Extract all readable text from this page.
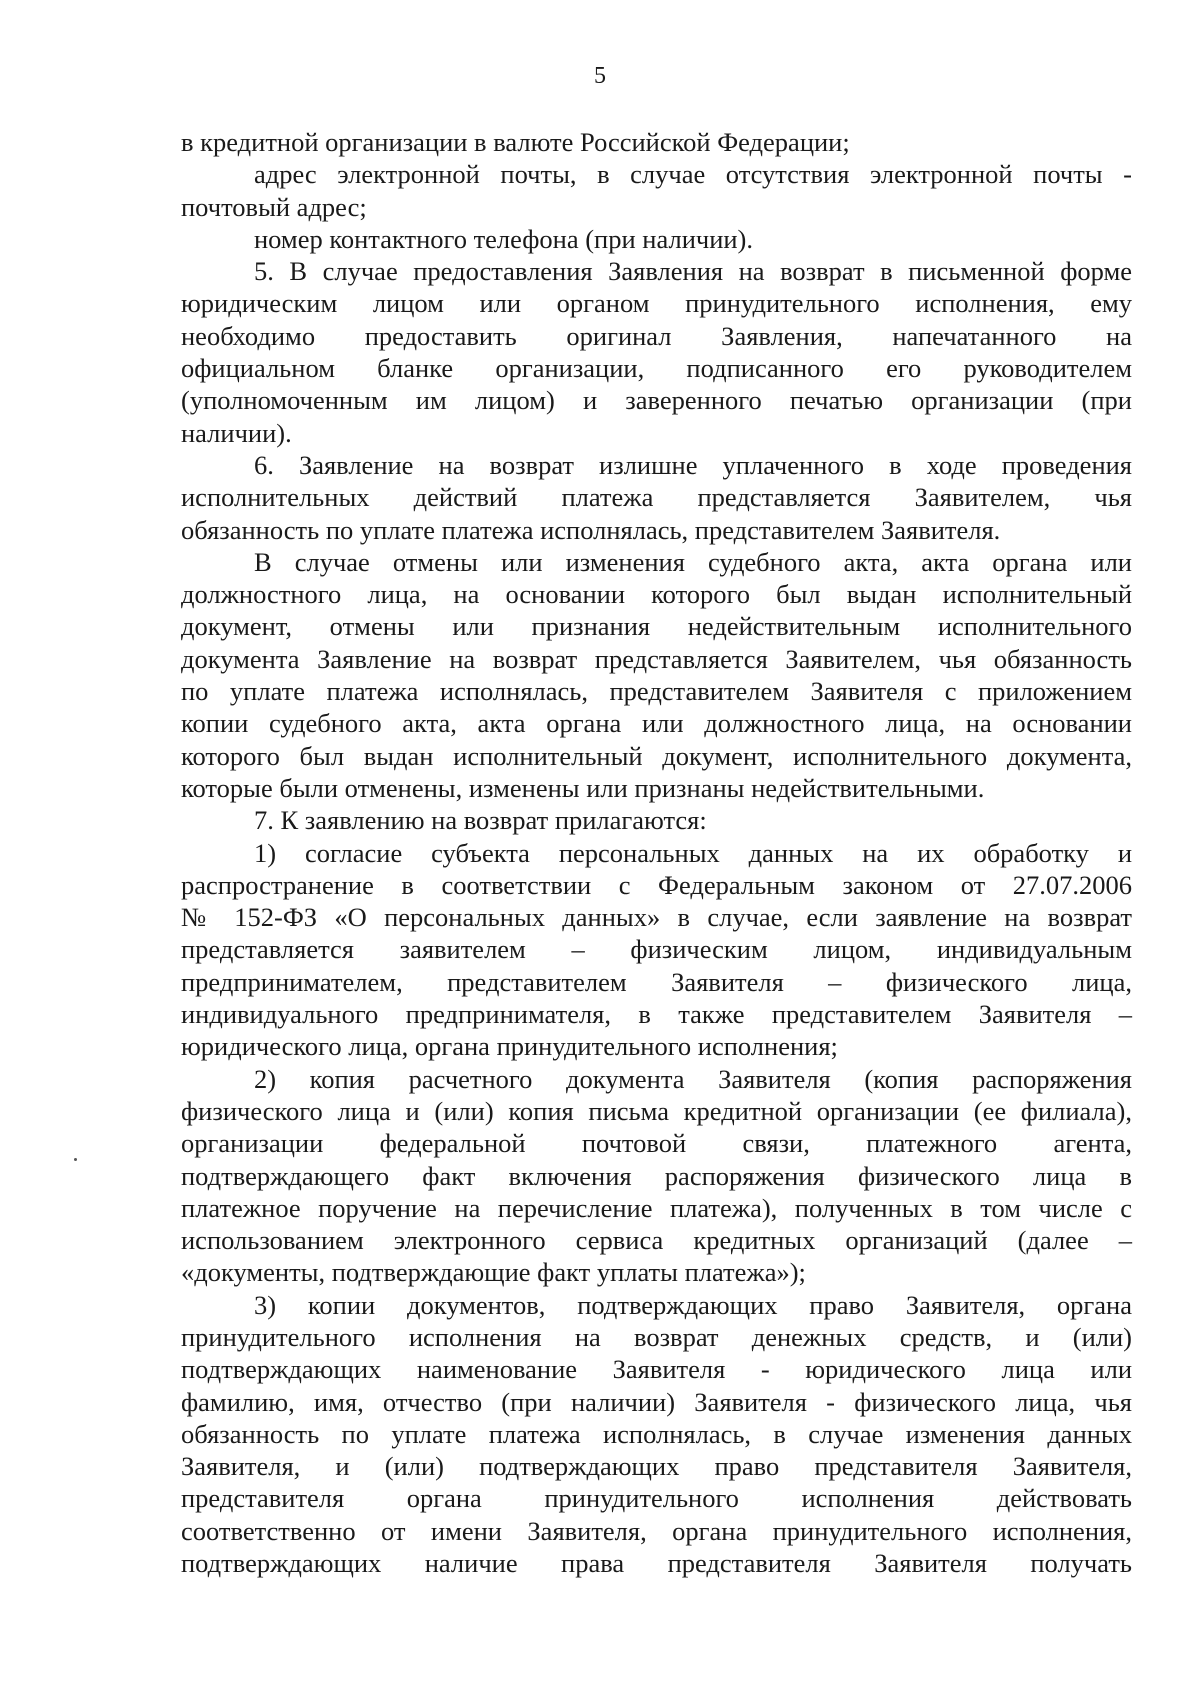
5
в кредитной организации в валюте Российской Федерации;
адрес электронной почты, в случае отсутствия электронной почты -
почтовый адрес;
номер контактного телефона (при наличии).
5. В случае предоставления Заявления на возврат в письменной форме
юридическим лицом или органом принудительного исполнения, ему
необходимо предоставить оригинал Заявления, напечатанного на
официальном бланке организации, подписанного его руководителем
(уполномоченным им лицом) и заверенного печатью организации (при
наличии).
6. Заявление на возврат излишне уплаченного в ходе проведения
исполнительных действий платежа представляется Заявителем, чья
обязанность по уплате платежа исполнялась, представителем Заявителя.
В случае отмены или изменения судебного акта, акта органа или
должностного лица, на основании которого был выдан исполнительный
документ, отмены или признания недействительным исполнительного
документа Заявление на возврат представляется Заявителем, чья обязанность
по уплате платежа исполнялась, представителем Заявителя с приложением
копии судебного акта, акта органа или должностного лица, на основании
которого был выдан исполнительный документ, исполнительного документа,
которые были отменены, изменены или признаны недействительными.
7. К заявлению на возврат прилагаются:
1) согласие субъекта персональных данных на их обработку и
распространение в соответствии с Федеральным законом от 27.07.2006
№ 152-ФЗ «О персональных данных» в случае, если заявление на возврат
представляется заявителем – физическим лицом, индивидуальным
предпринимателем, представителем Заявителя – физического лица,
индивидуального предпринимателя, в также представителем Заявителя –
юридического лица, органа принудительного исполнения;
2) копия расчетного документа Заявителя (копия распоряжения
физического лица и (или) копия письма кредитной организации (ее филиала),
организации федеральной почтовой связи, платежного агента,
подтверждающего факт включения распоряжения физического лица в
платежное поручение на перечисление платежа), полученных в том числе с
использованием электронного сервиса кредитных организаций (далее –
«документы, подтверждающие факт уплаты платежа»);
3) копии документов, подтверждающих право Заявителя, органа
принудительного исполнения на возврат денежных средств, и (или)
подтверждающих наименование Заявителя - юридического лица или
фамилию, имя, отчество (при наличии) Заявителя - физического лица, чья
обязанность по уплате платежа исполнялась, в случае изменения данных
Заявителя, и (или) подтверждающих право представителя Заявителя,
представителя органа принудительного исполнения действовать
соответственно от имени Заявителя, органа принудительного исполнения,
подтверждающих наличие права представителя Заявителя получать
